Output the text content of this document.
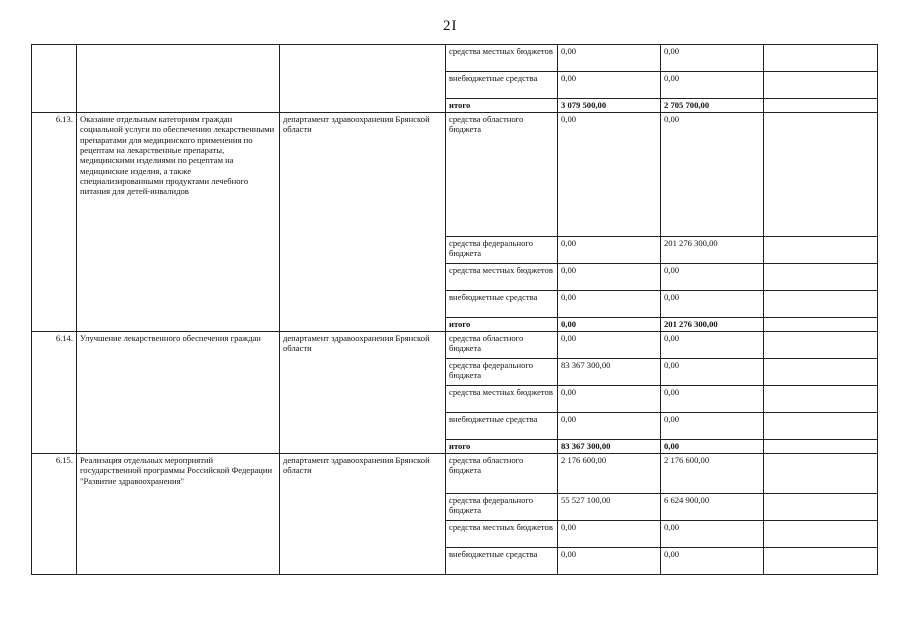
2I
			средства местных бюджетов	0,00	0,00	
			внебюджетные средства	0,00	0,00	
			итого	3 079 500,00	2 705 700,00	
6.13.	Оказание отдельным категориям граждан социальной услуги по обеспечению лекарственными препаратами для медицинского применения по рецептам на лекарственные препараты, медицинскими изделиями по рецептам на медицинские изделия, а также специализированными продуктами лечебного питания для детей-инвалидов	департамент здравоохранения Брянской области	средства областного бюджета	0,00	0,00	
			средства федерального бюджета	0,00	201 276 300,00	
			средства местных бюджетов	0,00	0,00	
			внебюджетные средства	0,00	0,00	
			итого	0,00	201 276 300,00	
6.14.	Улучшение лекарственного обеспечения граждан	департамент здравоохранения Брянской области	средства областного бюджета	0,00	0,00	
			средства федерального бюджета	83 367 300,00	0,00	
			средства местных бюджетов	0,00	0,00	
			внебюджетные средства	0,00	0,00	
			итого	83 367 300,00	0,00	
6.15.	Реализация отдельных мероприятий государственной программы Российской Федерации "Развитие здравоохранения"	департамент здравоохранения Брянской области	средства областного бюджета	2 176 600,00	2 176 600,00	
			средства федерального бюджета	55 527 100,00	6 624 900,00	
			средства местных бюджетов	0,00	0,00	
			внебюджетные средства	0,00	0,00	
